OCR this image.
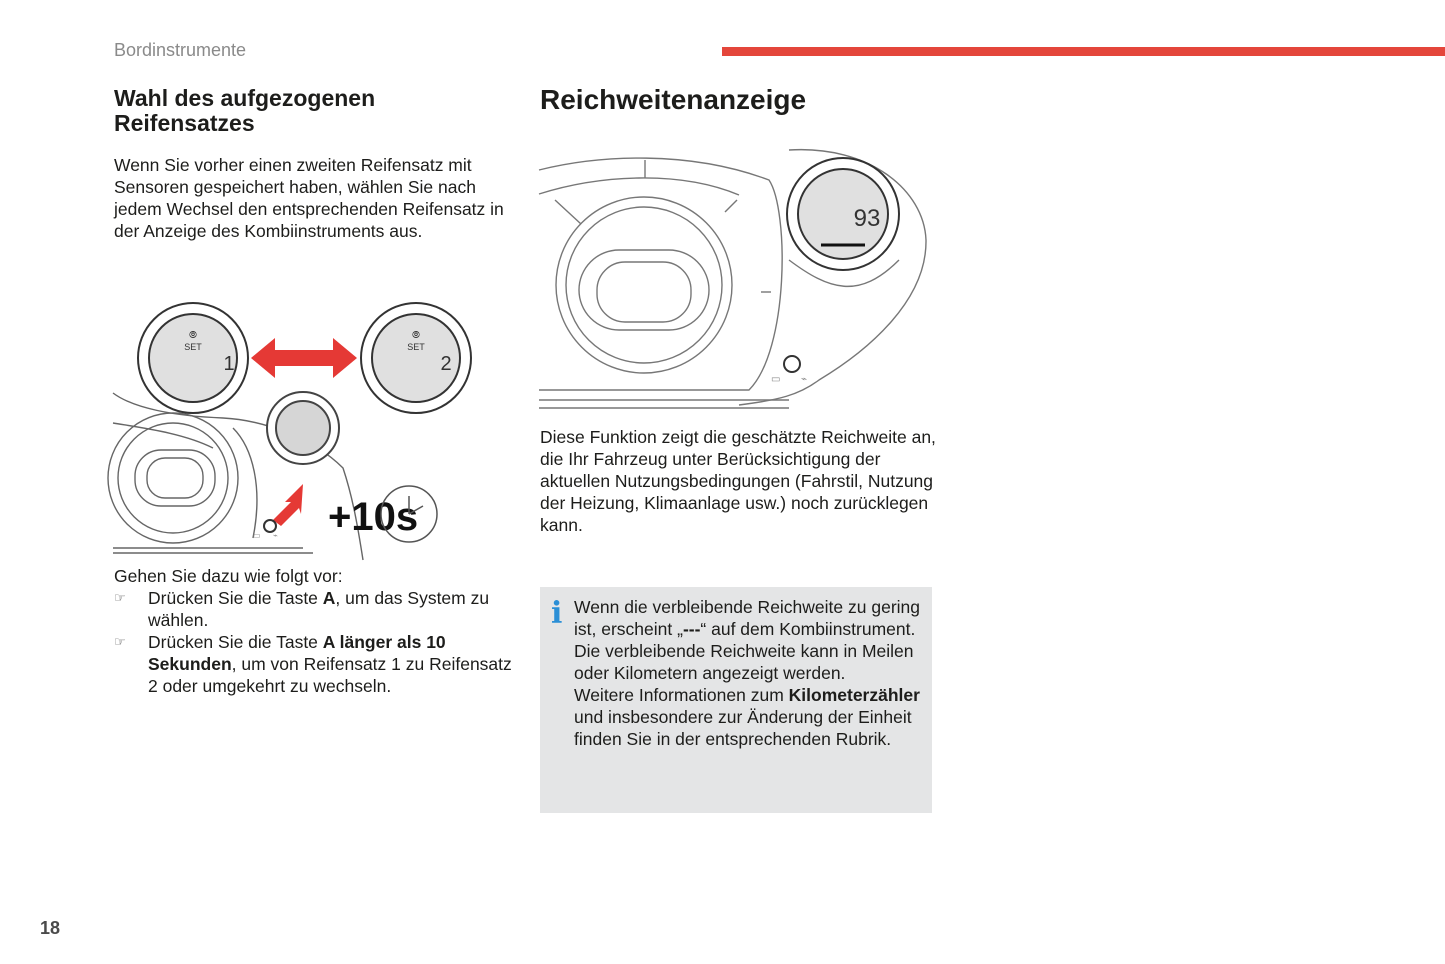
Bordinstrumente
Wahl des aufgezogenen Reifensatzes
Reichweitenanzeige
Wenn Sie vorher einen zweiten Reifensatz mit Sensoren gespeichert haben, wählen Sie nach jedem Wechsel den entsprechenden Reifensatz in der Anzeige des Kombiinstruments aus.
⦾
SET
1
⦾
SET
2
▭ ⌁ +10s
Gehen Sie dazu wie folgt vor:
☞ Drücken Sie die Taste A, um das System zu wählen.
☞ Drücken Sie die Taste A länger als 10 Sekunden, um von Reifensatz 1 zu Reifensatz 2 oder umgekehrt zu wechseln.
93
▭ ⌁
Diese Funktion zeigt die geschätzte Reichweite an, die Ihr Fahrzeug unter Berücksichtigung der aktuellen Nutzungsbedingungen (Fahrstil, Nutzung der Heizung, Klimaanlage usw.) noch zurücklegen kann.
i Wenn die verbleibende Reichweite zu gering ist, erscheint „---“ auf dem Kombiinstrument.
Die verbleibende Reichweite kann in Meilen oder Kilometern angezeigt werden.
Weitere Informationen zum Kilometerzähler und insbesondere zur Änderung der Einheit finden Sie in der entsprechenden Rubrik.
18
